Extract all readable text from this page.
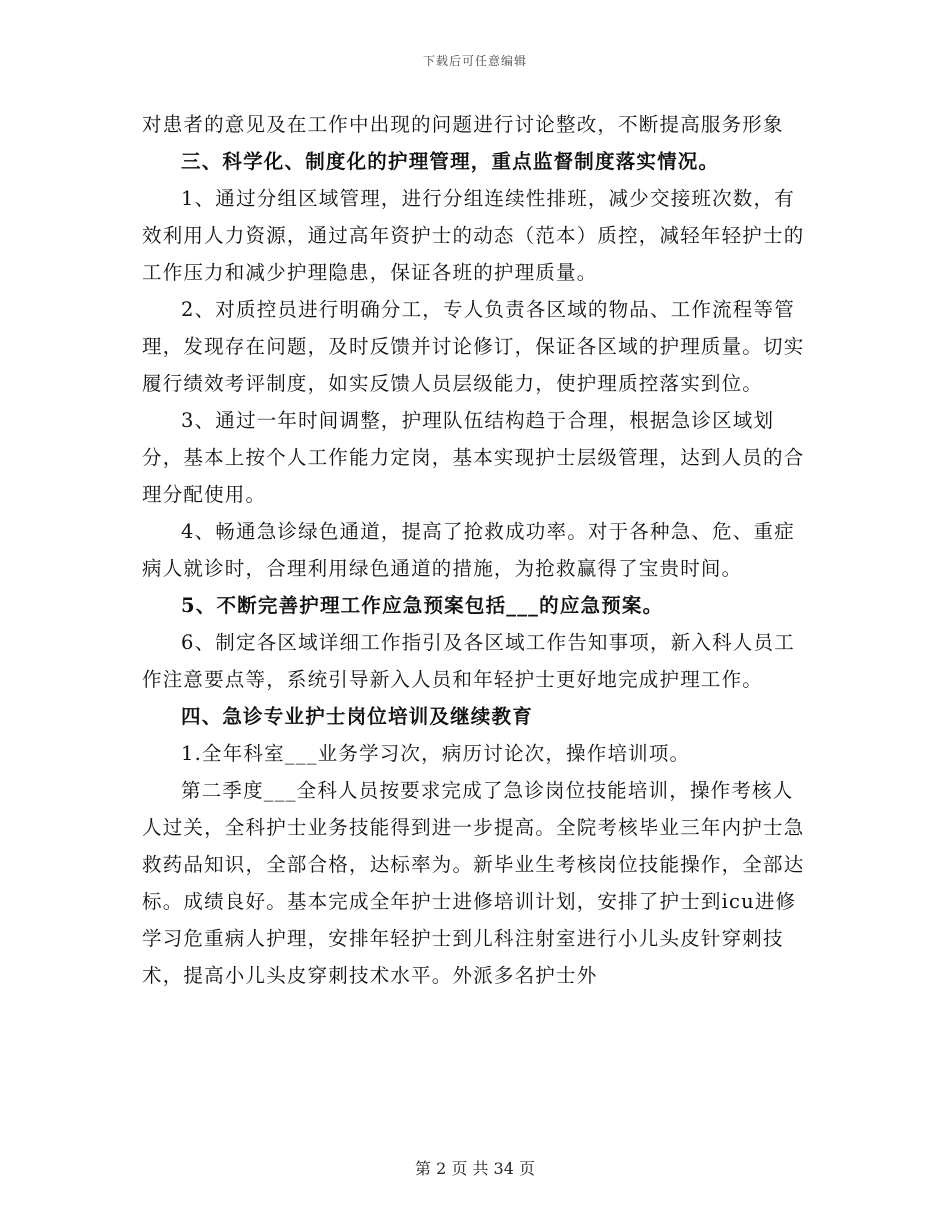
下载后可任意编辑

对患者的意见及在工作中出现的问题进行讨论整改，不断提高服务形象

三、科学化、制度化的护理管理，重点监督制度落实情况。

1、通过分组区域管理，进行分组连续性排班，减少交接班次数，有效利用人力资源，通过高年资护士的动态（范本）质控，减轻年轻护士的工作压力和减少护理隐患，保证各班的护理质量。

2、对质控员进行明确分工，专人负责各区域的物品、工作流程等管理，发现存在问题，及时反馈并讨论修订，保证各区域的护理质量。切实履行绩效考评制度，如实反馈人员层级能力，使护理质控落实到位。

3、通过一年时间调整，护理队伍结构趋于合理，根据急诊区域划分，基本上按个人工作能力定岗，基本实现护士层级管理，达到人员的合理分配使用。

4、畅通急诊绿色通道，提高了抢救成功率。对于各种急、危、重症病人就诊时，合理利用绿色通道的措施，为抢救赢得了宝贵时间。

5、不断完善护理工作应急预案包括___的应急预案。

6、制定各区域详细工作指引及各区域工作告知事项，新入科人员工作注意要点等，系统引导新入人员和年轻护士更好地完成护理工作。

四、急诊专业护士岗位培训及继续教育

1.全年科室___业务学习次，病历讨论次，操作培训项。

第二季度___全科人员按要求完成了急诊岗位技能培训，操作考核人人过关，全科护士业务技能得到进一步提高。全院考核毕业三年内护士急救药品知识，全部合格，达标率为。新毕业生考核岗位技能操作，全部达标。成绩良好。基本完成全年护士进修培训计划，安排了护士到icu进修学习危重病人护理，安排年轻护士到儿科注射室进行小儿头皮针穿刺技术，提高小儿头皮穿刺技术水平。外派多名护士外

第 2 页 共 34 页
